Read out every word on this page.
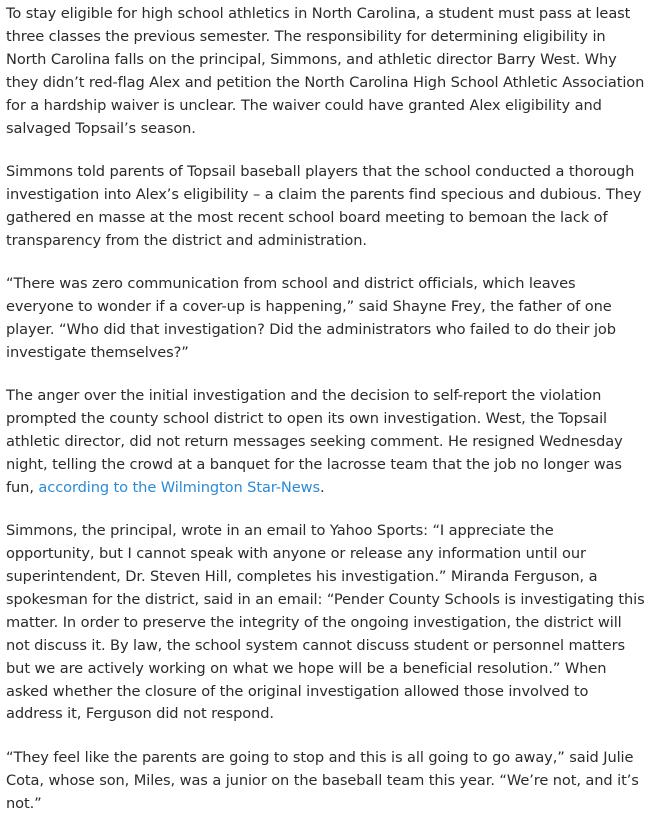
To stay eligible for high school athletics in North Carolina, a student must pass at least three classes the previous semester. The responsibility for determining eligibility in North Carolina falls on the principal, Simmons, and athletic director Barry West. Why they didn’t red-flag Alex and petition the North Carolina High School Athletic Association for a hardship waiver is unclear. The waiver could have granted Alex eligibility and salvaged Topsail’s season.

Simmons told parents of Topsail baseball players that the school conducted a thorough investigation into Alex’s eligibility – a claim the parents find specious and dubious. They gathered en masse at the most recent school board meeting to bemoan the lack of transparency from the district and administration.

“There was zero communication from school and district officials, which leaves everyone to wonder if a cover-up is happening,” said Shayne Frey, the father of one player. “Who did that investigation? Did the administrators who failed to do their job investigate themselves?”

The anger over the initial investigation and the decision to self-report the violation prompted the county school district to open its own investigation. West, the Topsail athletic director, did not return messages seeking comment. He resigned Wednesday night, telling the crowd at a banquet for the lacrosse team that the job no longer was fun, according to the Wilmington Star-News.

Simmons, the principal, wrote in an email to Yahoo Sports: “I appreciate the opportunity, but I cannot speak with anyone or release any information until our superintendent, Dr. Steven Hill, completes his investigation.” Miranda Ferguson, a spokesman for the district, said in an email: “Pender County Schools is investigating this matter. In order to preserve the integrity of the ongoing investigation, the district will not discuss it. By law, the school system cannot discuss student or personnel matters but we are actively working on what we hope will be a beneficial resolution.” When asked whether the closure of the original investigation allowed those involved to address it, Ferguson did not respond.

“They feel like the parents are going to stop and this is all going to go away,” said Julie Cota, whose son, Miles, was a junior on the baseball team this year. “We’re not, and it’s not.”
